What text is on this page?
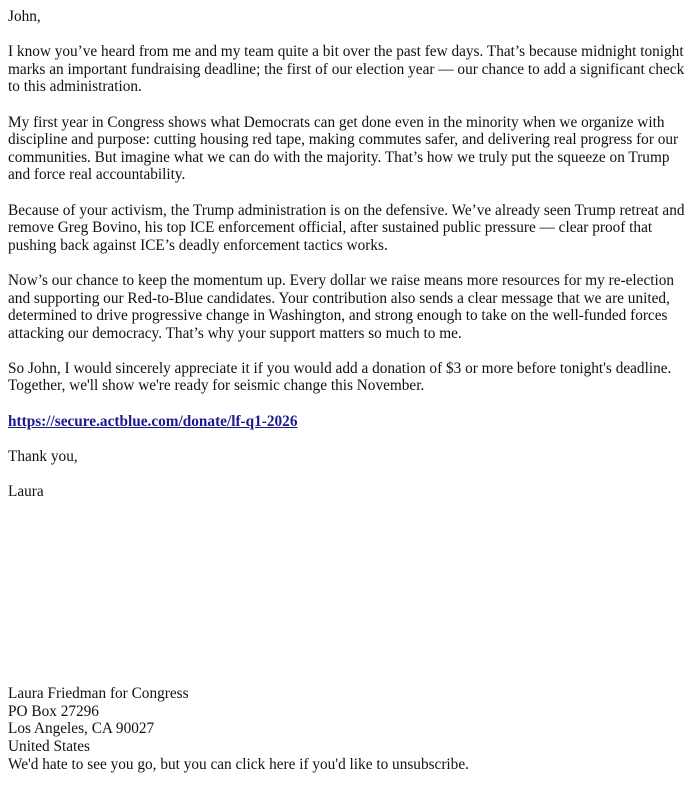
John,

I know you’ve heard from me and my team quite a bit over the past few days. That’s because midnight tonight marks an important fundraising deadline; the first of our election year — our chance to add a significant check to this administration.

My first year in Congress shows what Democrats can get done even in the minority when we organize with discipline and purpose: cutting housing red tape, making commutes safer, and delivering real progress for our communities. But imagine what we can do with the majority. That’s how we truly put the squeeze on Trump and force real accountability.

Because of your activism, the Trump administration is on the defensive. We’ve already seen Trump retreat and remove Greg Bovino, his top ICE enforcement official, after sustained public pressure — clear proof that pushing back against ICE’s deadly enforcement tactics works.

Now’s our chance to keep the momentum up. Every dollar we raise means more resources for my re-election and supporting our Red-to-Blue candidates. Your contribution also sends a clear message that we are united, determined to drive progressive change in Washington, and strong enough to take on the well-funded forces attacking our democracy. That’s why your support matters so much to me.

So John, I would sincerely appreciate it if you would add a donation of $3 or more before tonight's deadline. Together, we'll show we're ready for seismic change this November.

https://secure.actblue.com/donate/lf-q1-2026

Thank you,

Laura

Laura Friedman for Congress

PO Box 27296

Los Angeles, CA 90027

United States

We'd hate to see you go, but you can click here if you'd like to unsubscribe.
